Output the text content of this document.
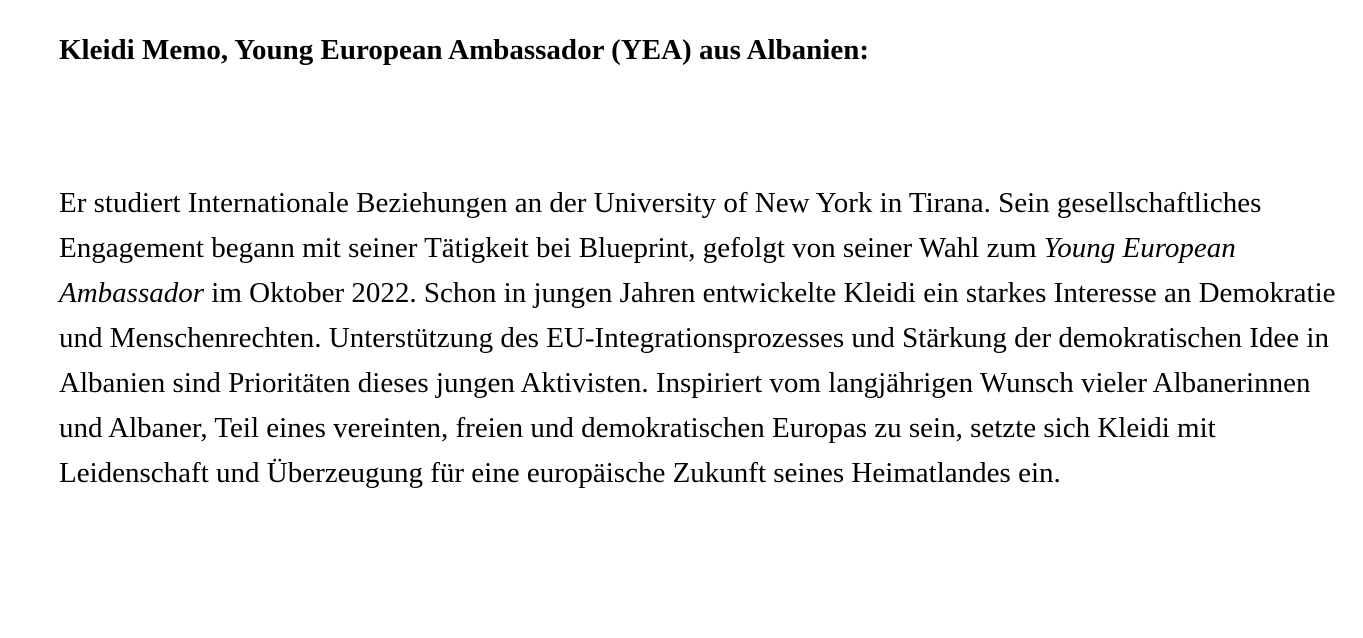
Kleidi Memo, Young European Ambassador (YEA) aus Albanien:

Er studiert Internationale Beziehungen an der University of New York in Tirana. Sein gesellschaftliches Engagement begann mit seiner Tätigkeit bei Blueprint, gefolgt von seiner Wahl zum Young European Ambassador im Oktober 2022. Schon in jungen Jahren entwickelte Kleidi ein starkes Interesse an Demokratie und Menschenrechten. Unterstützung des EU-Integrationsprozesses und Stärkung der demokratischen Idee in Albanien sind Prioritäten dieses jungen Aktivisten. Inspiriert vom langjährigen Wunsch vieler Albanerinnen und Albaner, Teil eines vereinten, freien und demokratischen Europas zu sein, setzte sich Kleidi mit Leidenschaft und Überzeugung für eine europäische Zukunft seines Heimatlandes ein.
